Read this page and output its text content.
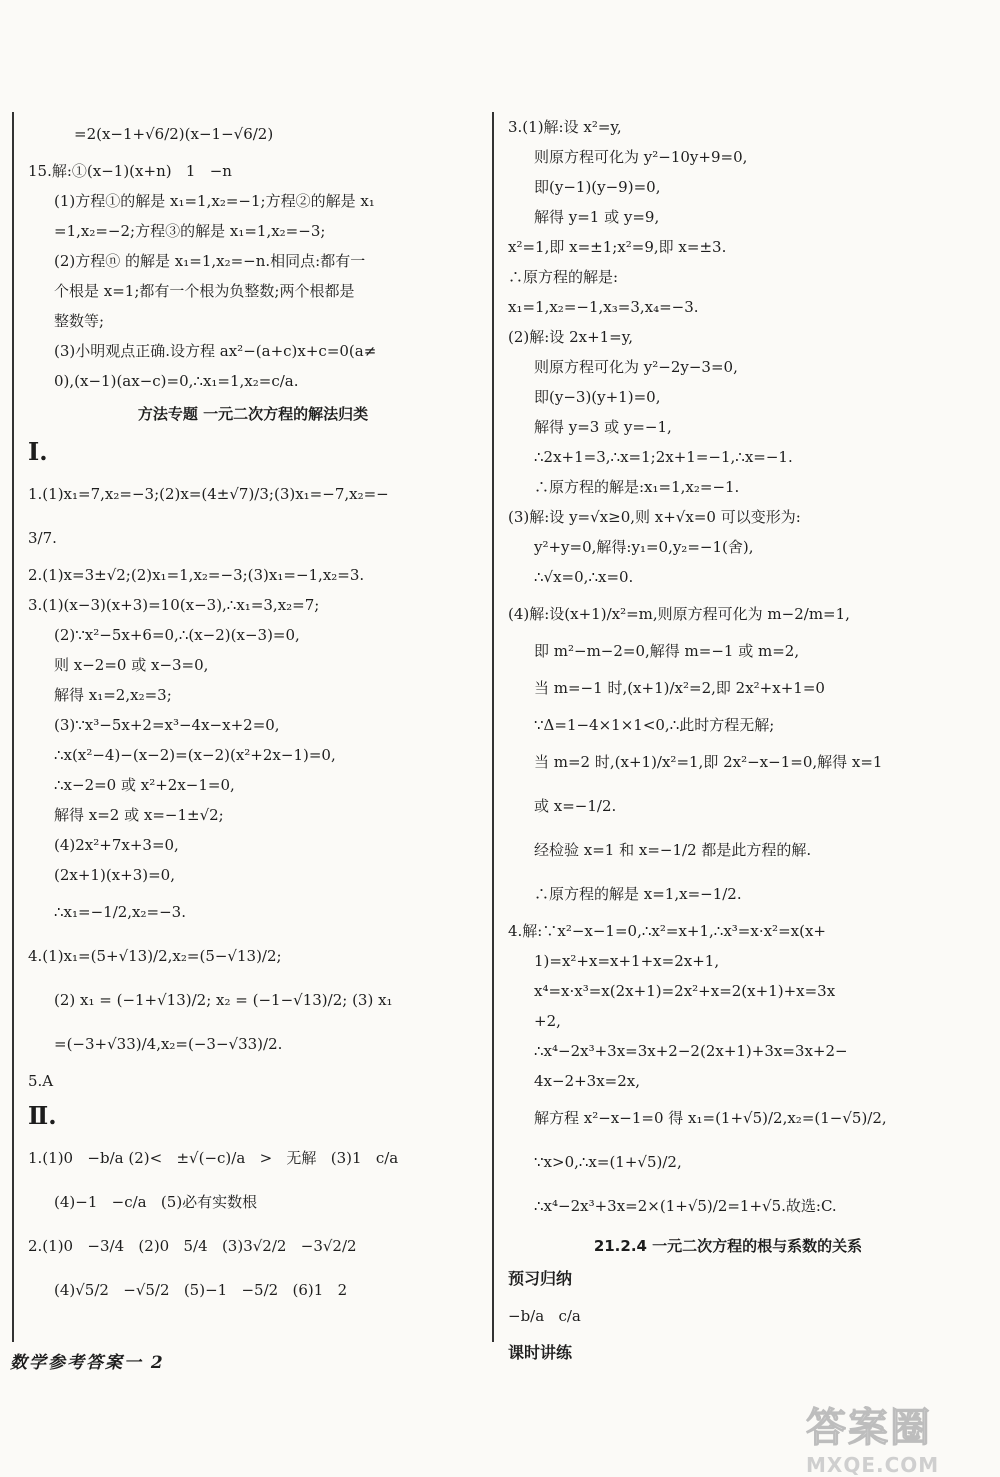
=2(x−1+√6/2)(x−1−√6/2)
15.解:①(x−1)(x+n)   1   −n
(1)方程①的解是 x₁=1,x₂=−1;方程②的解是 x₁
=1,x₂=−2;方程③的解是 x₁=1,x₂=−3;
(2)方程ⓝ 的解是 x₁=1,x₂=−n.相同点:都有一
个根是 x=1;都有一个根为负整数;两个根都是
整数等;
(3)小明观点正确.设方程 ax²−(a+c)x+c=0(a≠
0),(x−1)(ax−c)=0,∴x₁=1,x₂=c/a.
方法专题 一元二次方程的解法归类
Ⅰ.
1.(1)x₁=7,x₂=−3;(2)x=(4±√7)/3;(3)x₁=−7,x₂=−
3/7.
2.(1)x=3±√2;(2)x₁=1,x₂=−3;(3)x₁=−1,x₂=3.
3.(1)(x−3)(x+3)=10(x−3),∴x₁=3,x₂=7;
(2)∵x²−5x+6=0,∴(x−2)(x−3)=0,
则 x−2=0 或 x−3=0,
解得 x₁=2,x₂=3;
(3)∵x³−5x+2=x³−4x−x+2=0,
∴x(x²−4)−(x−2)=(x−2)(x²+2x−1)=0,
∴x−2=0 或 x²+2x−1=0,
解得 x=2 或 x=−1±√2;
(4)2x²+7x+3=0,
(2x+1)(x+3)=0,
∴x₁=−1/2,x₂=−3.
4.(1)x₁=(5+√13)/2,x₂=(5−√13)/2;
(2) x₁ = (−1+√13)/2; x₂ = (−1−√13)/2; (3) x₁
=(−3+√33)/4,x₂=(−3−√33)/2.
5.A
Ⅱ.
1.(1)0   −b/a (2)<   ±√(−c)/a   >   无解   (3)1   c/a
(4)−1   −c/a   (5)必有实数根
2.(1)0   −3/4   (2)0   5/4   (3)3√2/2   −3√2/2
(4)√5/2   −√5/2   (5)−1   −5/2   (6)1   2
3.(1)解:设 x²=y,
则原方程可化为 y²−10y+9=0,
即(y−1)(y−9)=0,
解得 y=1 或 y=9,
x²=1,即 x=±1;x²=9,即 x=±3.
∴原方程的解是:
x₁=1,x₂=−1,x₃=3,x₄=−3.
(2)解:设 2x+1=y,
则原方程可化为 y²−2y−3=0,
即(y−3)(y+1)=0,
解得 y=3 或 y=−1,
∴2x+1=3,∴x=1;2x+1=−1,∴x=−1.
∴原方程的解是:x₁=1,x₂=−1.
(3)解:设 y=√x≥0,则 x+√x=0 可以变形为:
y²+y=0,解得:y₁=0,y₂=−1(舍),
∴√x=0,∴x=0.
(4)解:设(x+1)/x²=m,则原方程可化为 m−2/m=1,
即 m²−m−2=0,解得 m=−1 或 m=2,
当 m=−1 时,(x+1)/x²=2,即 2x²+x+1=0
∵Δ=1−4×1×1<0,∴此时方程无解;
当 m=2 时,(x+1)/x²=1,即 2x²−x−1=0,解得 x=1
或 x=−1/2.
经检验 x=1 和 x=−1/2 都是此方程的解.
∴原方程的解是 x=1,x=−1/2.
4.解:∵x²−x−1=0,∴x²=x+1,∴x³=x·x²=x(x+
1)=x²+x=x+1+x=2x+1,
x⁴=x·x³=x(2x+1)=2x²+x=2(x+1)+x=3x
+2,
∴x⁴−2x³+3x=3x+2−2(2x+1)+3x=3x+2−
4x−2+3x=2x,
解方程 x²−x−1=0 得 x₁=(1+√5)/2,x₂=(1−√5)/2,
∵x>0,∴x=(1+√5)/2,
∴x⁴−2x³+3x=2×(1+√5)/2=1+√5.故选:C.
21.2.4 一元二次方程的根与系数的关系
预习归纳
−b/a   c/a
课时讲练
数学参考答案一 2
答案圈
MXQE.COM
